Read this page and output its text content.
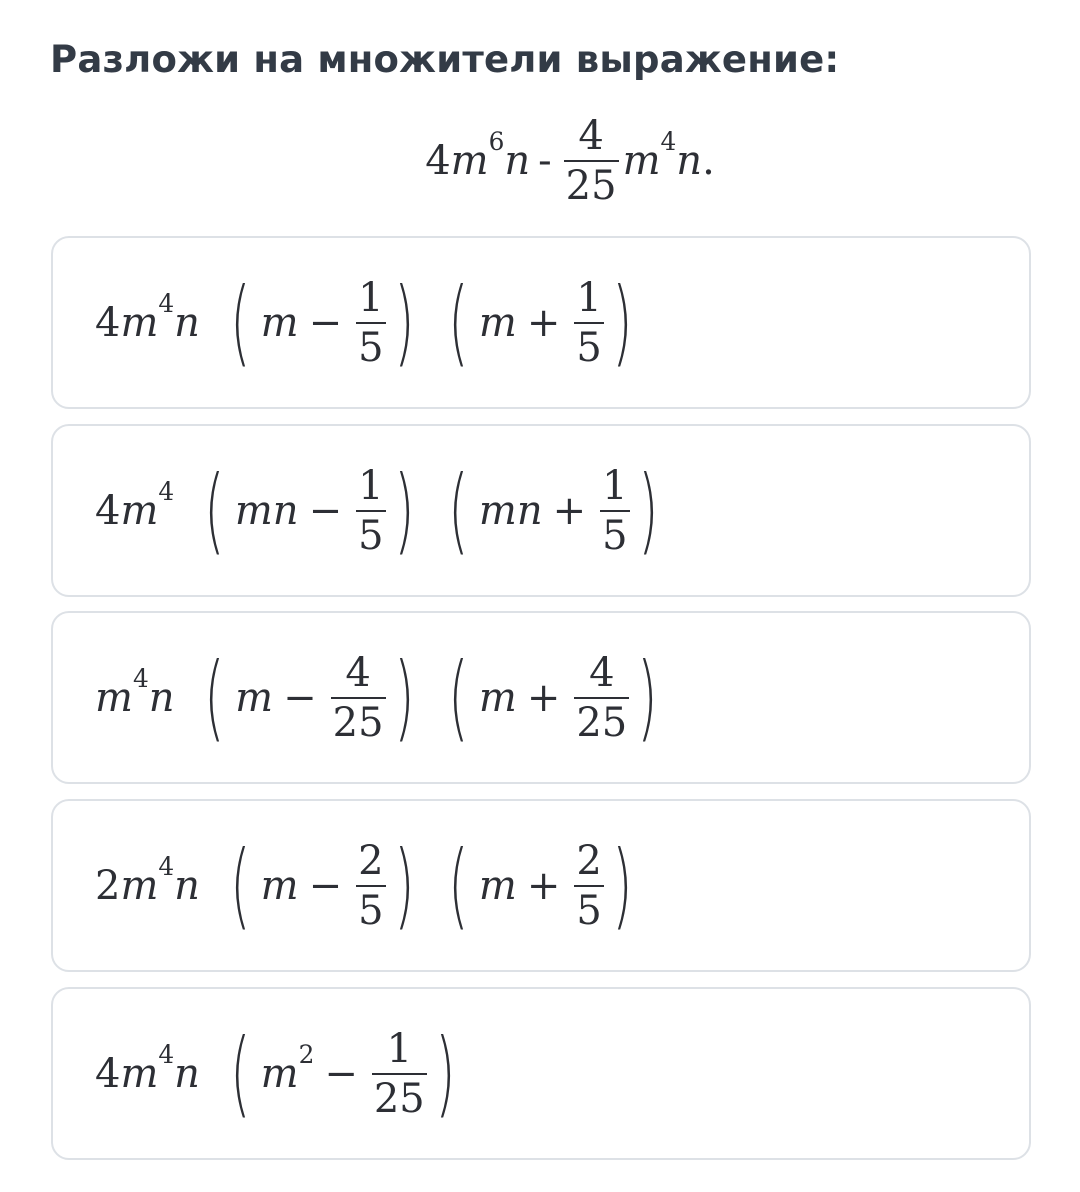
Разложи на множители выражение:
4 m 6 n - $\frac{4}{25}$ m 4 n .
4 m 4 n ( $m - \frac{1}{5}$ ) ( $m + \frac{1}{5}$ )
4 m 4 ( mn − $\frac{1}{5}$ ) ( mn + $\frac{1}{5}$ )
m 4 n ( $m - \frac{4}{25}$ ) ( $m + \frac{4}{25}$ )
2 m 4 n ( $m - \frac{2}{5}$ ) ( $m + \frac{2}{5}$ )
4 m 4 n ( m $2 - \frac{1}{25}$ )
